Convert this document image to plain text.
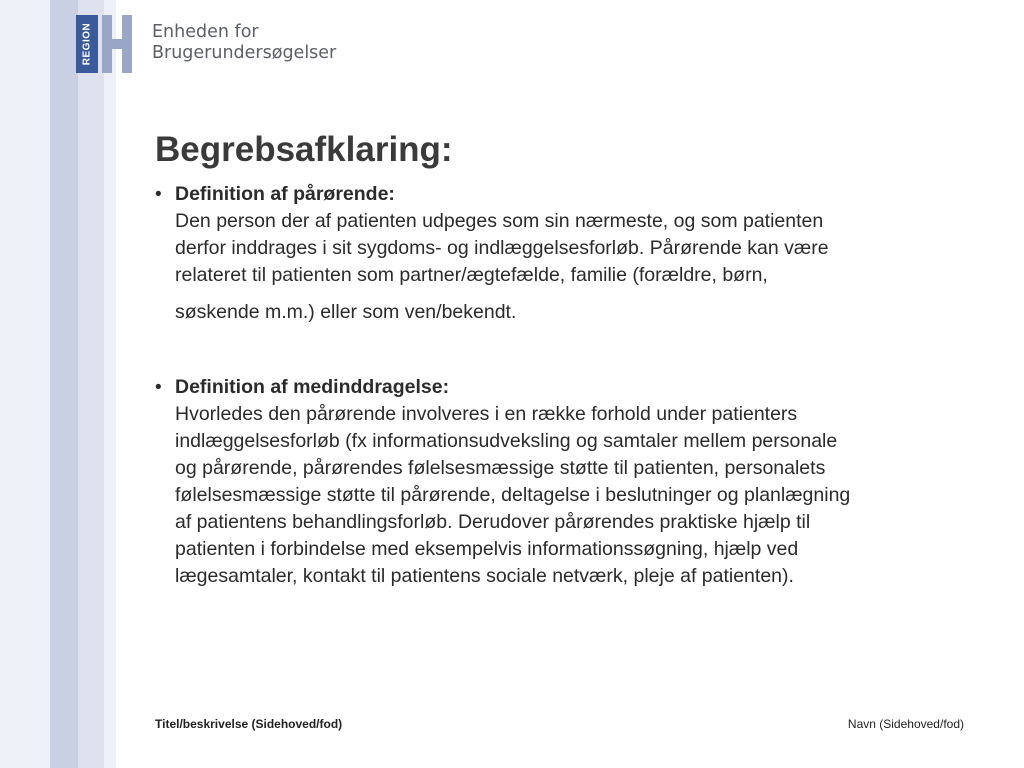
REGION	Enheden for
Brugerundersøgelser
Begrebsafklaring:
• Definition af pårørende:

Den person der af patienten udpeges som sin nærmeste, og som patienten

derfor inddrages i sit sygdoms- og indlæggelsesforløb. Pårørende kan være

relateret til patienten som partner/ægtefælde, familie (forældre, børn,

søskende m.m.) eller som ven/bekendt.

• Definition af medinddragelse:

Hvorledes den pårørende involveres i en række forhold under patienters

indlæggelsesforløb (fx informationsudveksling og samtaler mellem personale

og pårørende, pårørendes følelsesmæssige støtte til patienten, personalets

følelsesmæssige støtte til pårørende, deltagelse i beslutninger og planlægning

af patientens behandlingsforløb. Derudover pårørendes praktiske hjælp til

patienten i forbindelse med eksempelvis informationssøgning, hjælp ved

lægesamtaler, kontakt til patientens sociale netværk, pleje af patienten).

Titel/beskrivelse (Sidehoved/fod)	Navn (Sidehoved/fod)
